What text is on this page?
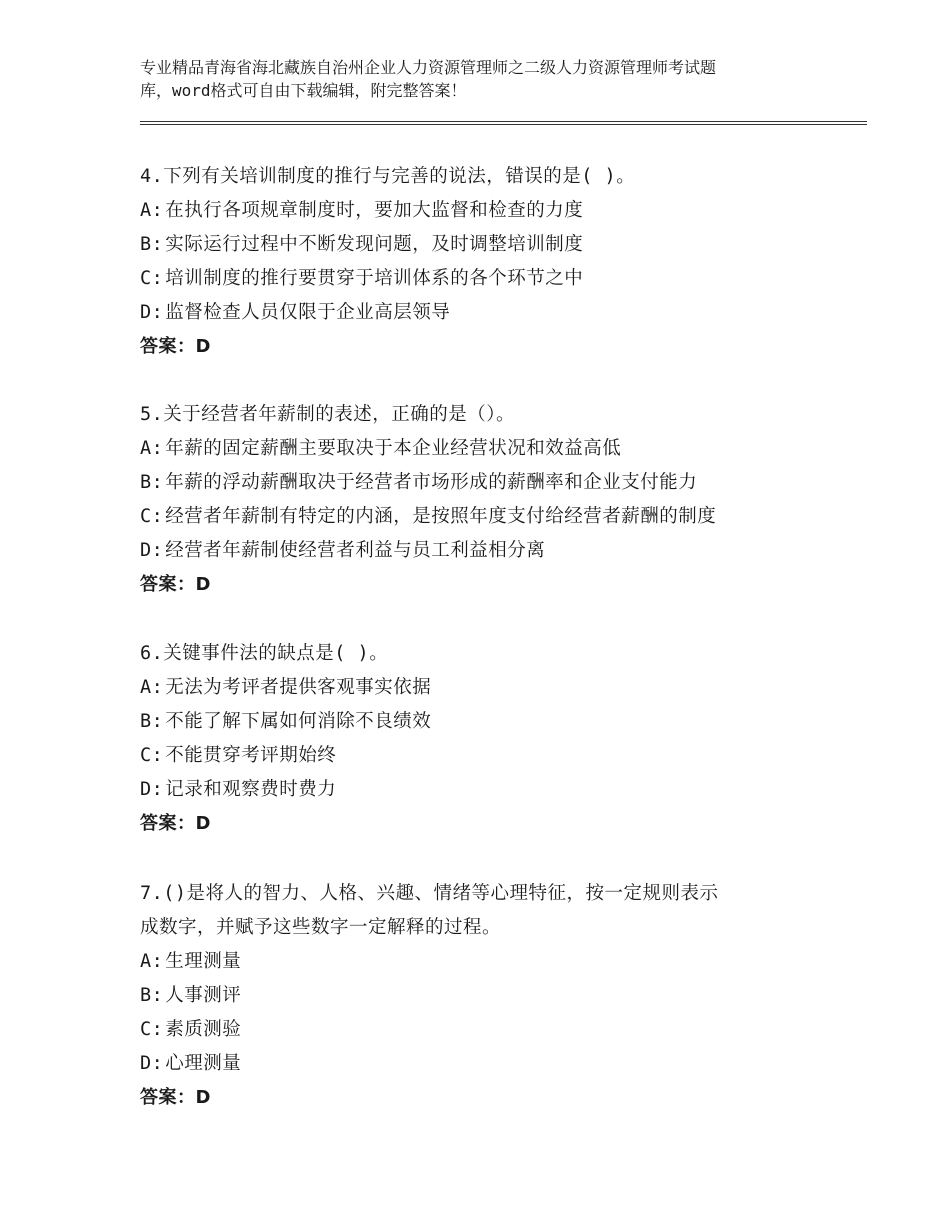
专业精品青海省海北藏族自治州企业人力资源管理师之二级人力资源管理师考试题
库，word格式可自由下载编辑，附完整答案！
4.下列有关培训制度的推行与完善的说法，错误的是( )。
A: 在执行各项规章制度时，要加大监督和检查的力度
B: 实际运行过程中不断发现问题，及时调整培训制度
C: 培训制度的推行要贯穿于培训体系的各个环节之中
D: 监督检查人员仅限于企业高层领导
答案：D
5.关于经营者年薪制的表述，正确的是（）。
A: 年薪的固定薪酬主要取决于本企业经营状况和效益高低
B: 年薪的浮动薪酬取决于经营者市场形成的薪酬率和企业支付能力
C: 经营者年薪制有特定的内涵，是按照年度支付给经营者薪酬的制度
D: 经营者年薪制使经营者利益与员工利益相分离
答案：D
6.关键事件法的缺点是( )。
A: 无法为考评者提供客观事实依据
B: 不能了解下属如何消除不良绩效
C: 不能贯穿考评期始终
D: 记录和观察费时费力
答案：D
7.()是将人的智力、人格、兴趣、情绪等心理特征，按一定规则表示
成数字，并赋予这些数字一定解释的过程。
A: 生理测量
B: 人事测评
C: 素质测验
D: 心理测量
答案：D
